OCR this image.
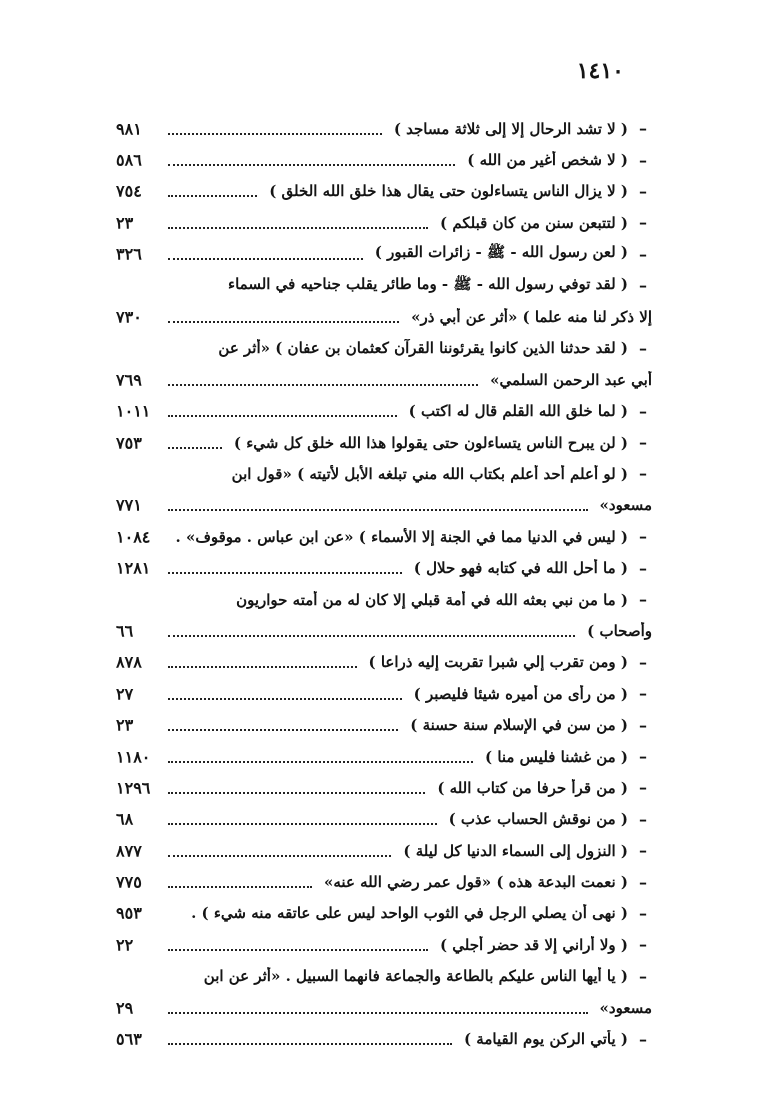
١٤١٠
–
( لا تشد الرحال إلا إلى ثلاثة مساجد )
٩٨١
–
( لا شخص أغير من الله )
٥٨٦
–
( لا يزال الناس يتساءلون حتى يقال هذا خلق الله الخلق )
٧٥٤
–
( لتتبعن سنن من كان قبلكم )
٢٣
–
( لعن رسول الله - ﷺ - زائرات القبور )
٣٢٦
–
( لقد توفي رسول الله - ﷺ - وما طائر يقلب جناحيه في السماء
إلا ذكر لنا منه علما ) «أثر عن أبي ذر»
٧٣٠
–
( لقد حدثنا الذين كانوا يقرئوننا القرآن كعثمان بن عفان ) «أثر عن
أبي عبد الرحمن السلمي»
٧٦٩
–
( لما خلق الله القلم قال له اكتب )
١٠١١
–
( لن يبرح الناس يتساءلون حتى يقولوا هذا الله خلق كل شيء )
٧٥٣
–
( لو أعلم أحد أعلم بكتاب الله مني تبلغه الأبل لأتيته ) «قول ابن
مسعود»
٧٧١
–
( ليس في الدنيا مما في الجنة إلا الأسماء ) «عن ابن عباس . موقوف» .
١٠٨٤
–
( ما أحل الله في كتابه فهو حلال )
١٢٨١
–
( ما من نبي بعثه الله في أمة قبلي إلا كان له من أمته حواريون
وأصحاب )
٦٦
–
( ومن تقرب إلي شبرا تقربت إليه ذراعا )
٨٧٨
–
( من رأى من أميره شيئا فليصبر )
٢٧
–
( من سن في الإسلام سنة حسنة )
٢٣
–
( من غشنا فليس منا )
١١٨٠
–
( من قرأ حرفا من كتاب الله )
١٢٩٦
–
( من نوقش الحساب عذب )
٦٨
–
( النزول إلى السماء الدنيا كل ليلة )
٨٧٧
–
( نعمت البدعة هذه ) «قول عمر رضي الله عنه»
٧٧٥
–
( نهى أن يصلي الرجل في الثوب الواحد ليس على عاتقه منه شيء ) .
٩٥٣
–
( ولا أراني إلا قد حضر أجلي )
٢٢
–
( يا أيها الناس عليكم بالطاعة والجماعة فانهما السبيل . «أثر عن ابن
مسعود»
٢٩
–
( يأتي الركن يوم القيامة )
٥٦٣
